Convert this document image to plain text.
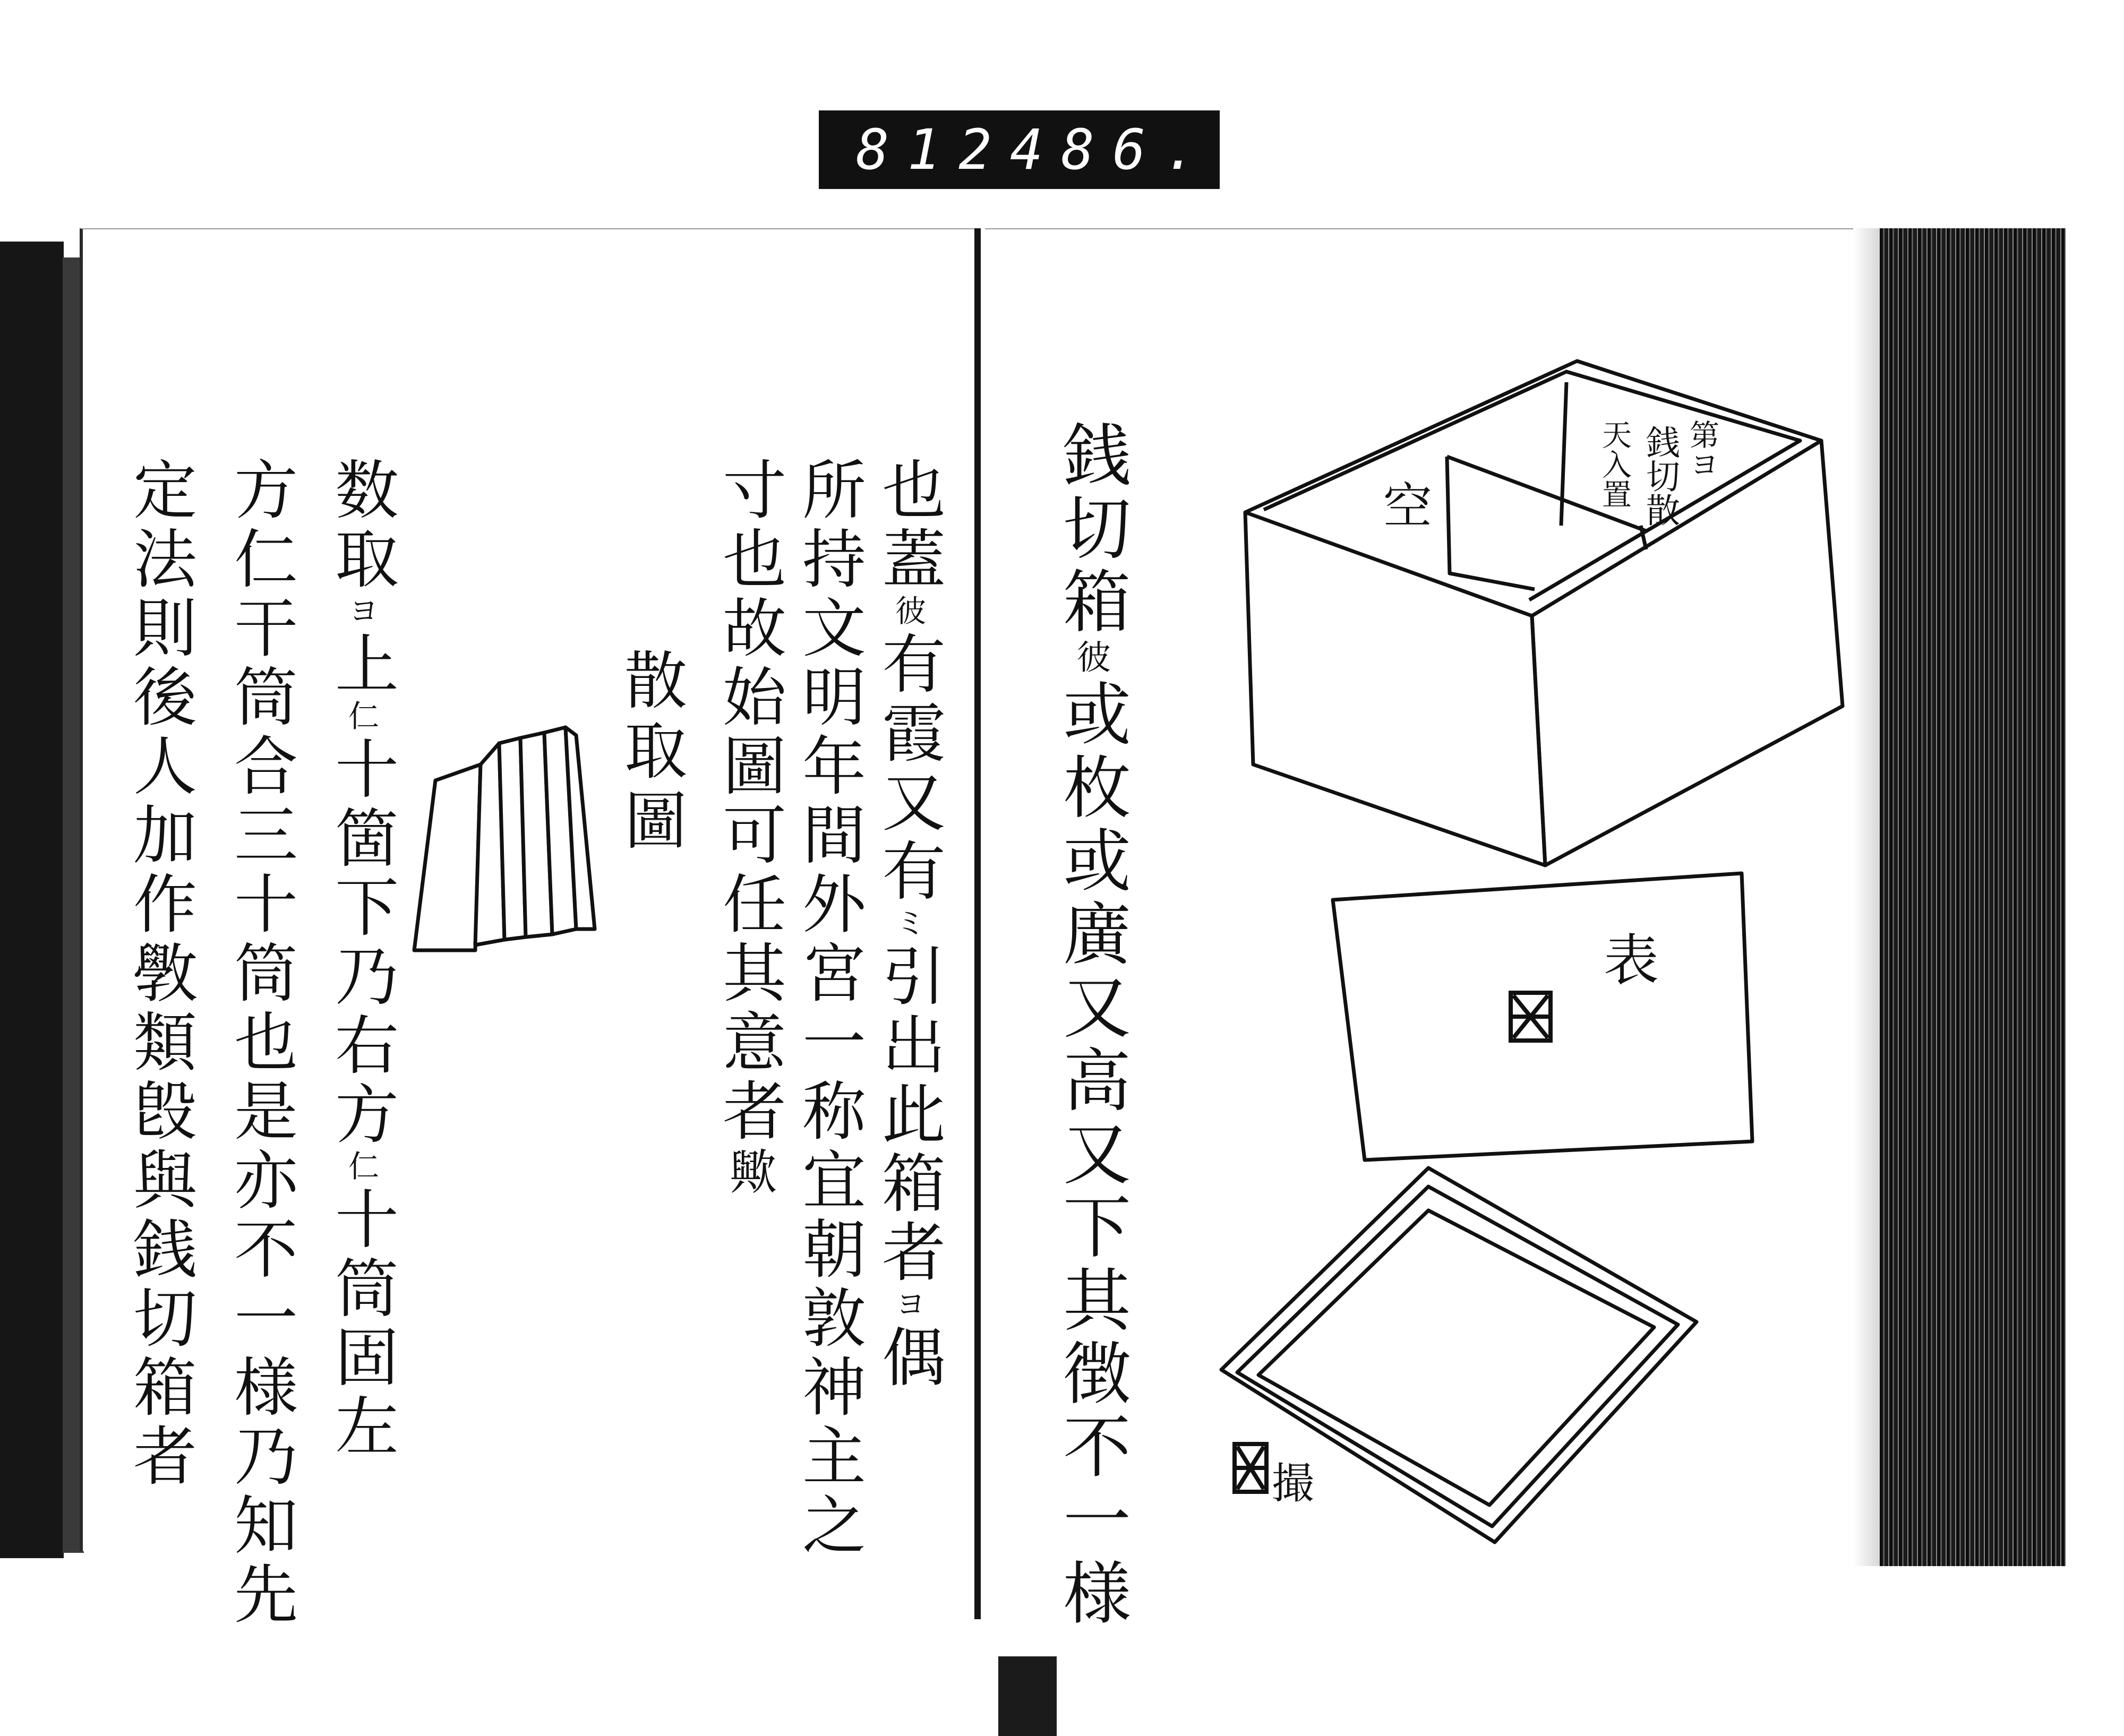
812 486.
也蓋彼有霞又有ミ引出此箱者ヨ偶
所持文明年間外宮一称宜朝敦神主之
寸也故始圖可任其意者歟
散取圖
数取ヨ上仁十箇下乃右方仁十筒固左
方仁干筒合三十筒也是亦不一様乃知先
定法則後人加作斆類𣪘與銭切箱者	銭切箱彼或枚或廣又高又下其徴不一様
空
第ヨ
銭切散
天入置
表
撮
